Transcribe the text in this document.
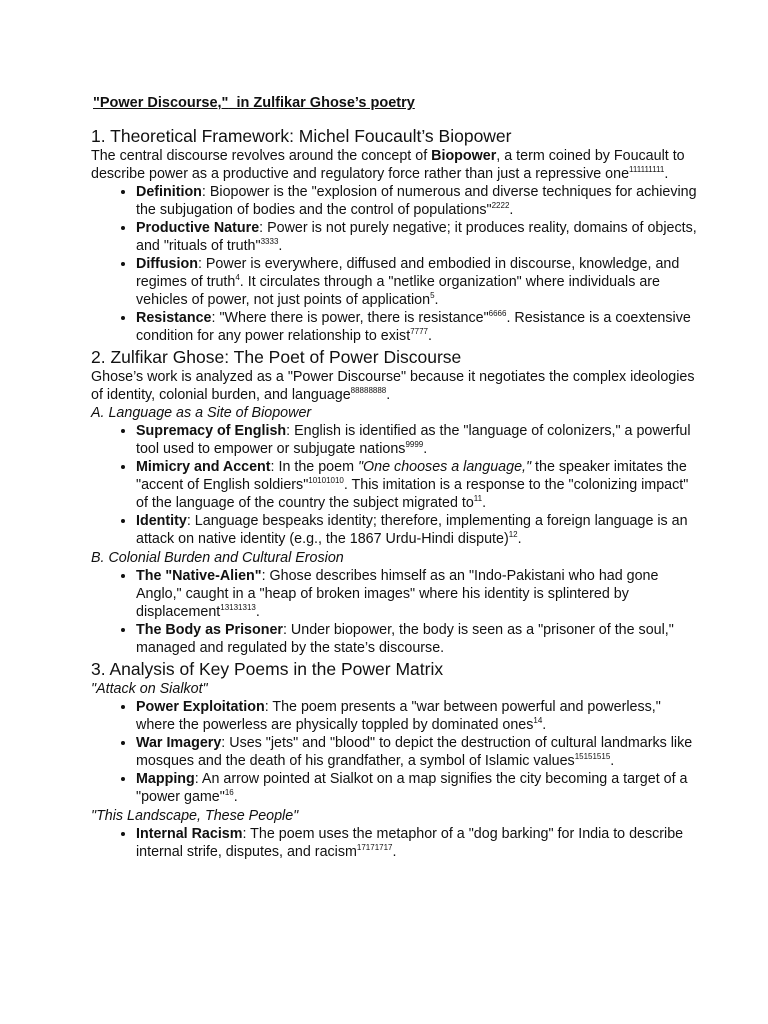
"Power Discourse,"  in Zulfikar Ghose’s poetry
1. Theoretical Framework: Michel Foucault’s Biopower

The central discourse revolves around the concept of Biopower, a term coined by Foucault to describe power as a productive and regulatory force rather than just a repressive one$^{111111111}$.

• Definition: Biopower is the "explosion of numerous and diverse techniques for achieving the subjugation of bodies and the control of populations"$^{2222}$.
• Productive Nature: Power is not purely negative; it produces reality, domains of objects, and "rituals of truth"$^{3333}$.
• Diffusion: Power is everywhere, diffused and embodied in discourse, knowledge, and regimes of truth$^4$. It circulates through a "netlike organization" where individuals are vehicles of power, not just points of application$^5$.
• Resistance: "Where there is power, there is resistance"$^{6666}$. Resistance is a coextensive condition for any power relationship to exist$^{7777}$.
2. Zulfikar Ghose: The Poet of Power Discourse

Ghose’s work is analyzed as a "Power Discourse" because it negotiates the complex ideologies of identity, colonial burden, and language$^{88888888}$.

A. Language as a Site of Biopower

• Supremacy of English: English is identified as the "language of colonizers," a powerful tool used to empower or subjugate nations$^{9999}$.
• Mimicry and Accent: In the poem "One chooses a language," the speaker imitates the "accent of English soldiers"$^{10101010}$. This imitation is a response to the "colonizing impact" of the language of the country the subject migrated $to^{11}$.
• Identity: Language bespeaks identity; therefore, implementing a foreign language is an attack on native identity (e.g., the 1867 Urdu-Hindi dispute)$^{12}$.

B. Colonial Burden and Cultural Erosion

• The "Native-Alien": Ghose describes himself as an "Indo-Pakistani who had gone Anglo," caught in a "heap of broken images" where his identity is splintered by displacement$^{13131313}$.
• The Body as Prisoner: Under biopower, the body is seen as a "prisoner of the soul," managed and regulated by the state’s discourse.
3. Analysis of Key Poems in the Power Matrix

"Attack on Sialkot"

• Power Exploitation: The poem presents a "war between powerful and powerless," where the powerless are physically toppled by dominated ones$^{14}$.
• War Imagery: Uses "jets" and "blood" to depict the destruction of cultural landmarks like mosques and the death of his grandfather, a symbol of Islamic values$^{15151515}$.
• Mapping: An arrow pointed at Sialkot on a map signifies the city becoming a target of a "power game"$^{16}$.

"This Landscape, These People"

• Internal Racism: The poem uses the metaphor of a "dog barking" for India to describe internal strife, disputes, and racism$^{17171717}$.
